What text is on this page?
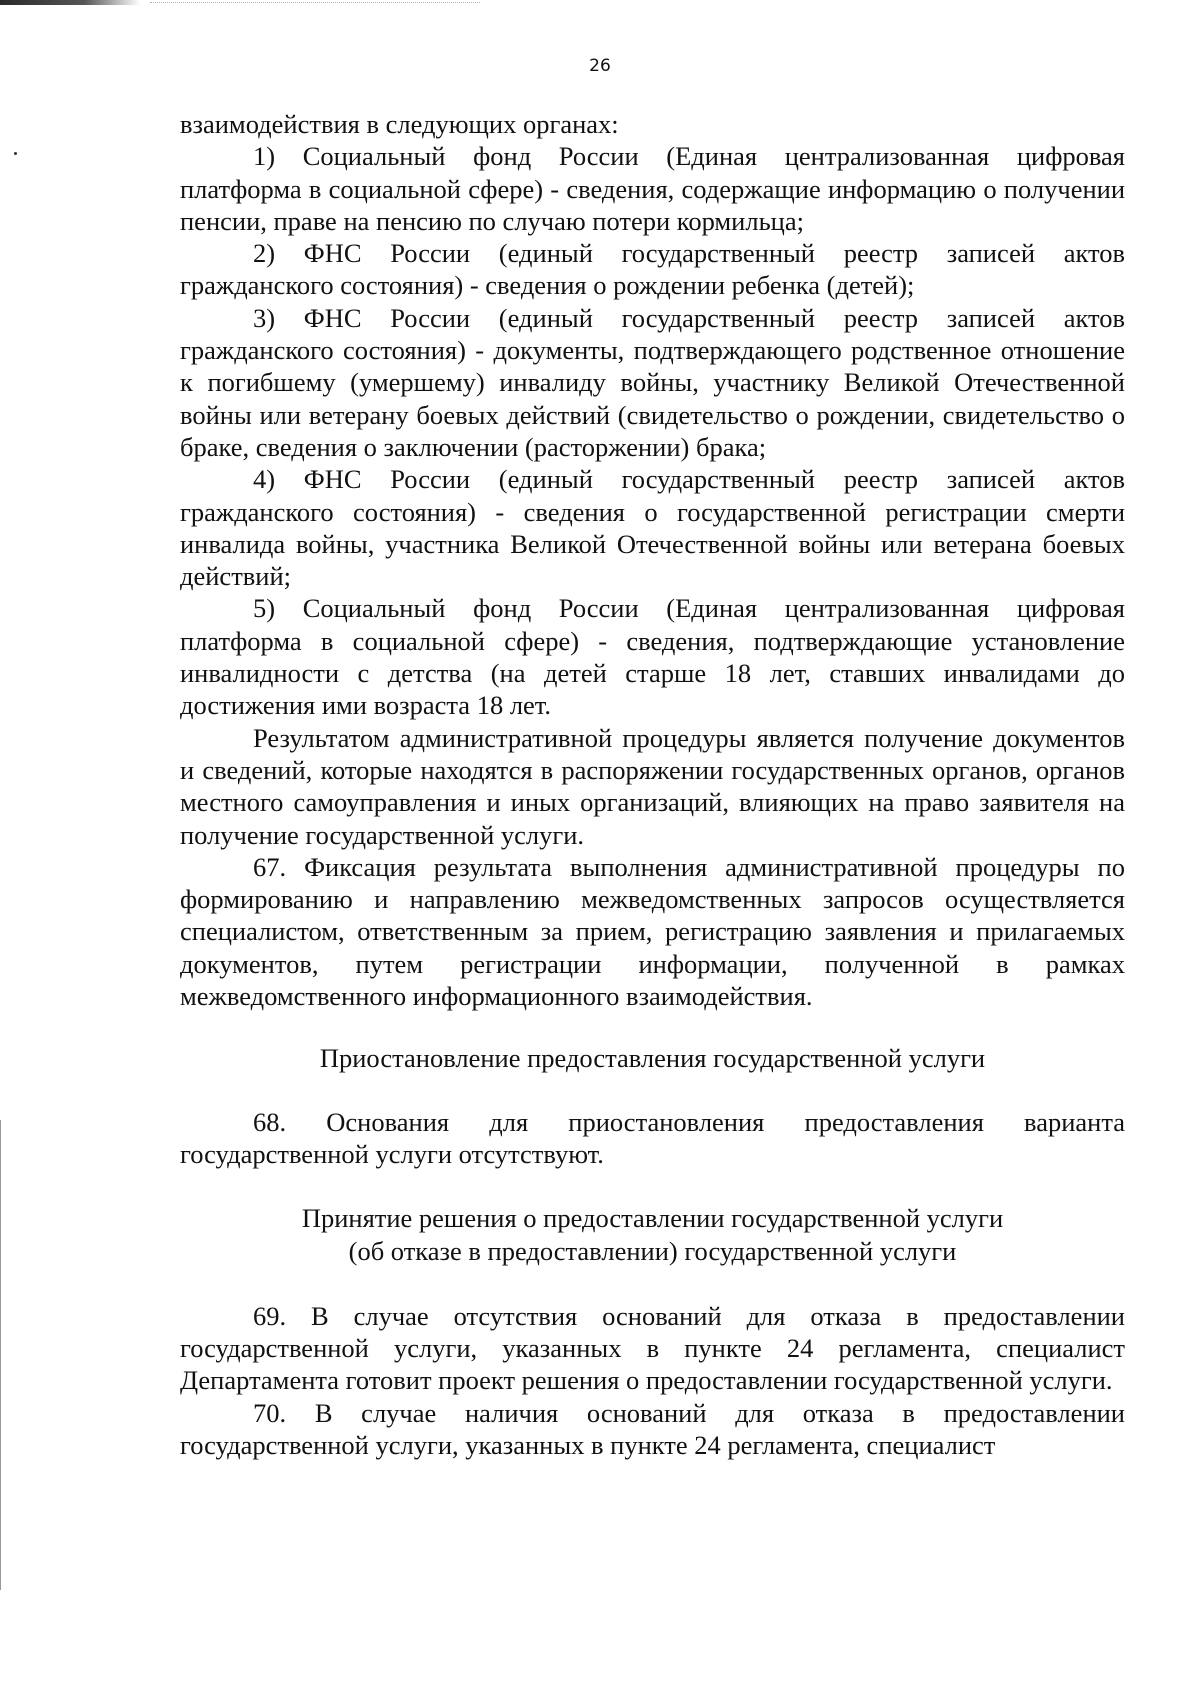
26

взаимодействия в следующих органах:

1) Социальный фонд России (Единая централизованная цифровая платформа в социальной сфере) - сведения, содержащие информацию о получении пенсии, праве на пенсию по случаю потери кормильца;

2) ФНС России (единый государственный реестр записей актов гражданского состояния) - сведения о рождении ребенка (детей);

3) ФНС России (единый государственный реестр записей актов гражданского состояния) - документы, подтверждающего родственное отношение к погибшему (умершему) инвалиду войны, участнику Великой Отечественной войны или ветерану боевых действий (свидетельство о рождении, свидетельство о браке, сведения о заключении (расторжении) брака;

4) ФНС России (единый государственный реестр записей актов гражданского состояния) - сведения о государственной регистрации смерти инвалида войны, участника Великой Отечественной войны или ветерана боевых действий;

5) Социальный фонд России (Единая централизованная цифровая платформа в социальной сфере) - сведения, подтверждающие установление инвалидности с детства (на детей старше 18 лет, ставших инвалидами до достижения ими возраста 18 лет.

Результатом административной процедуры является получение документов и сведений, которые находятся в распоряжении государственных органов, органов местного самоуправления и иных организаций, влияющих на право заявителя на получение государственной услуги.

67. Фиксация результата выполнения административной процедуры по формированию и направлению межведомственных запросов осуществляется специалистом, ответственным за прием, регистрацию заявления и прилагаемых документов, путем регистрации информации, полученной в рамках межведомственного информационного взаимодействия.

Приостановление предоставления государственной услуги

68. Основания для приостановления предоставления варианта государственной услуги отсутствуют.

Принятие решения о предоставлении государственной услуги

(об отказе в предоставлении) государственной услуги

69. В случае отсутствия оснований для отказа в предоставлении государственной услуги, указанных в пункте 24 регламента, специалист Департамента готовит проект решения о предоставлении государственной услуги.

70. В случае наличия оснований для отказа в предоставлении государственной услуги, указанных в пункте 24 регламента, специалист
